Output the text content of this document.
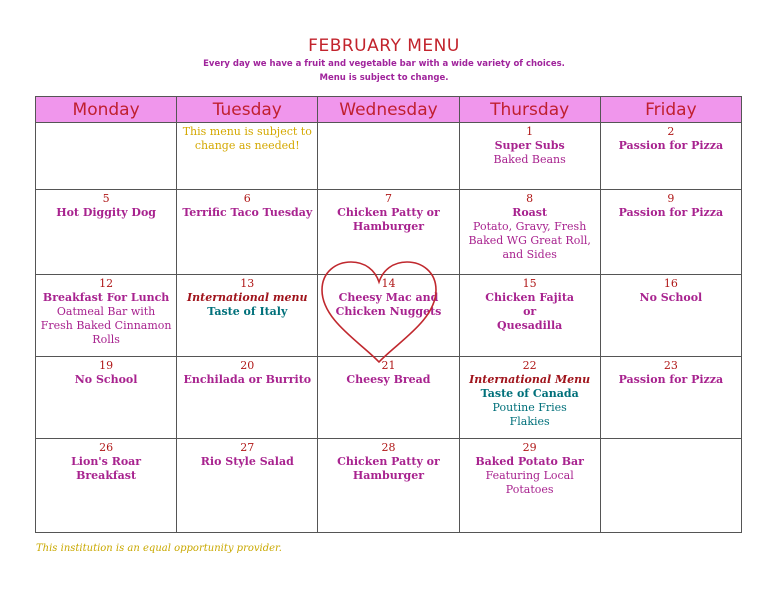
FEBRUARY MENU
Every day we have a fruit and vegetable bar with a wide variety of choices.
Menu is subject to change.
Monday	Tuesday	Wednesday	Thursday	Friday

	This menu is subject to
change as needed!		1
Super Subs
Baked Beans	2
Passion for Pizza

5
Hot Diggity Dog	6
Terrific Taco Tuesday	7
Chicken Patty or
Hamburger	8
Roast
Potato, Gravy, Fresh
Baked WG Great Roll,
and Sides	9
Passion for Pizza

12
Breakfast For Lunch
Oatmeal Bar with
Fresh Baked Cinnamon
Rolls	13
International menu
Taste of Italy	14
Cheesy Mac and
Chicken Nuggets	15
Chicken Fajita
or
Quesadilla	16
No School

19
No School	20
Enchilada or Burrito	21
Cheesy Bread	22
International Menu
Taste of Canada
Poutine Fries
Flakies	23
Passion for Pizza

26
Lion's Roar
Breakfast	27
Rio Style Salad	28
Chicken Patty or
Hamburger	29
Baked Potato Bar
Featuring Local Potatoes	

This institution is an equal opportunity provider.
